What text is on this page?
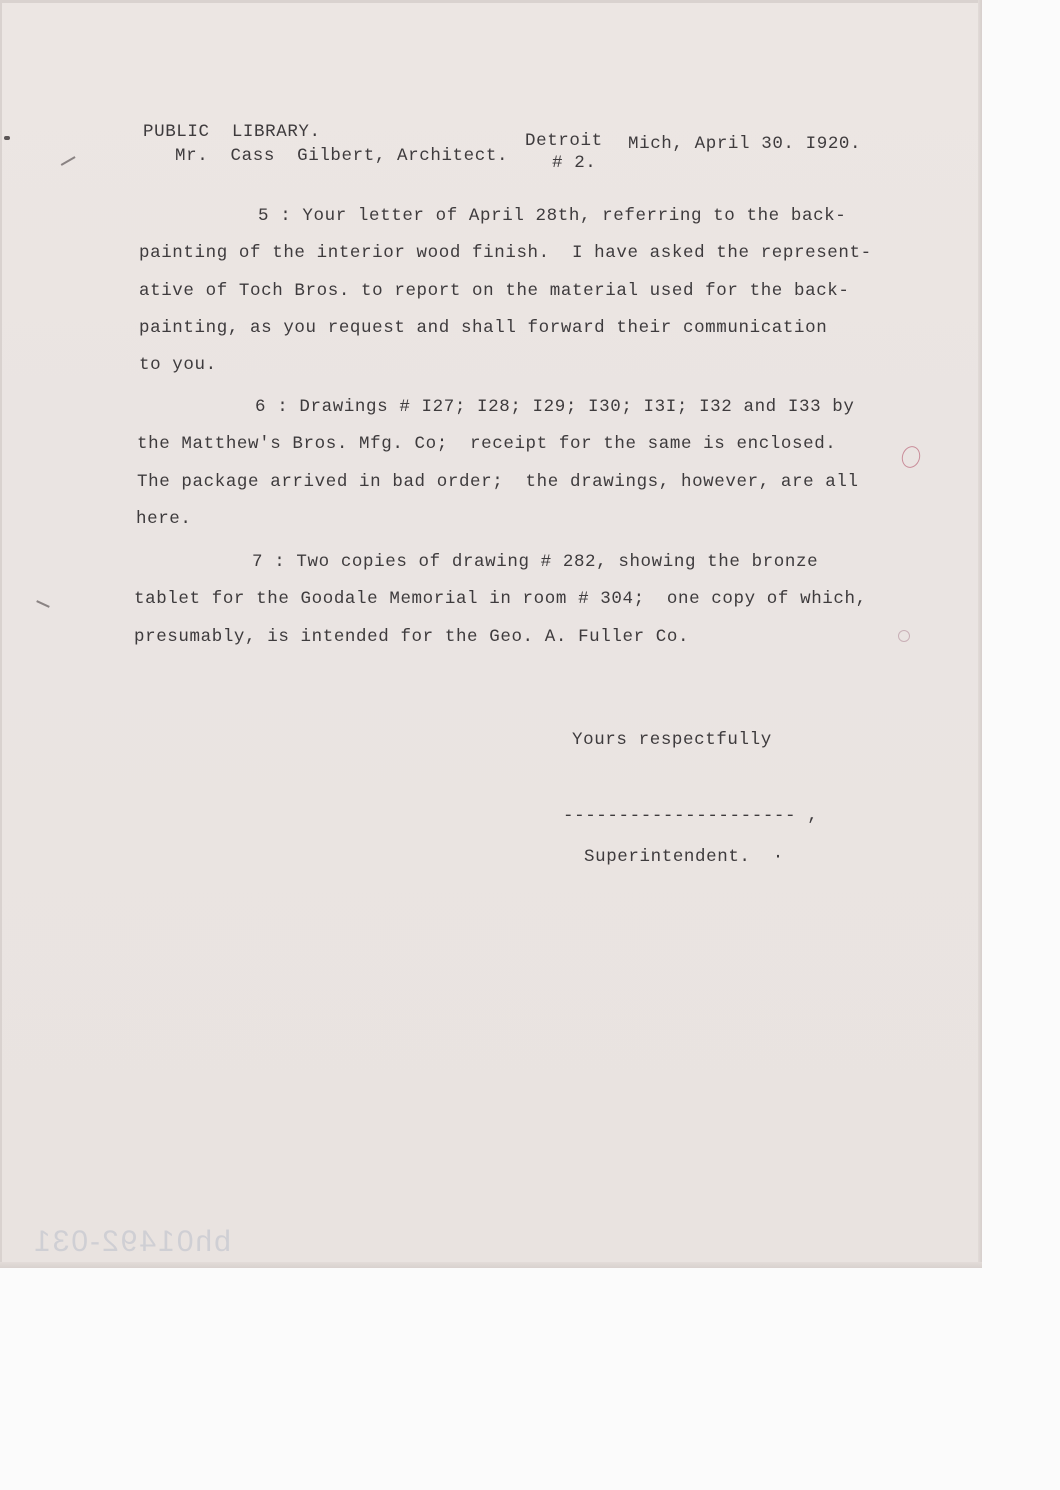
PUBLIC  LIBRARY.
Mr.  Cass  Gilbert, Architect.
Detroit Mich, April 30. I920.
# 2.
5 : Your letter of April 28th, referring to the back-
painting of the interior wood finish.  I have asked the represent-
ative of Toch Bros. to report on the material used for the back-
painting, as you request and shall forward their communication
to you.
6 : Drawings # I27; I28; I29; I30; I3I; I32 and I33 by
the Matthew's Bros. Mfg. Co;  receipt for the same is enclosed.
The package arrived in bad order;  the drawings, however, are all
here.
7 : Two copies of drawing # 282, showing the bronze
tablet for the Goodale Memorial in room # 304;  one copy of which,
presumably, is intended for the Geo. A. Fuller Co.
Yours respectfully
--------------------- ,
Superintendent.  ·
bh01492-031
